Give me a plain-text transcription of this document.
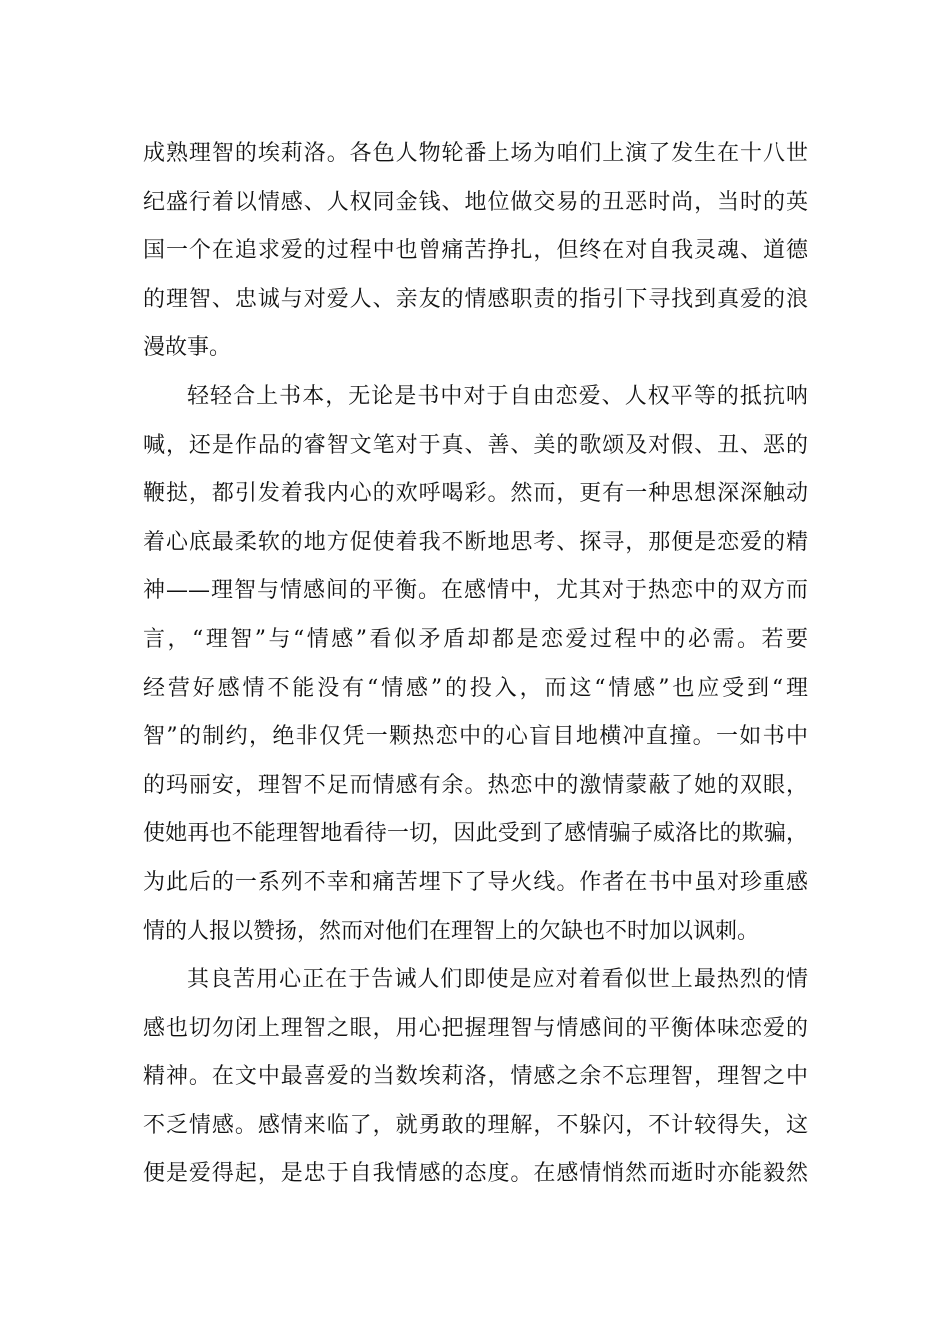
成熟理智的埃莉洛。各色人物轮番上场为咱们上演了发生在十八世
纪盛行着以情感、人权同金钱、地位做交易的丑恶时尚，当时的英
国一个在追求爱的过程中也曾痛苦挣扎，但终在对自我灵魂、道德
的理智、忠诚与对爱人、亲友的情感职责的指引下寻找到真爱的浪
漫故事。
轻轻合上书本，无论是书中对于自由恋爱、人权平等的抵抗呐
喊，还是作品的睿智文笔对于真、善、美的歌颂及对假、丑、恶的
鞭挞，都引发着我内心的欢呼喝彩。然而，更有一种思想深深触动
着心底最柔软的地方促使着我不断地思考、探寻，那便是恋爱的精
神——理智与情感间的平衡。在感情中，尤其对于热恋中的双方而
言，“理智”与“情感”看似矛盾却都是恋爱过程中的必需。若要
经营好感情不能没有“情感”的投入，而这“情感”也应受到“理
智”的制约，绝非仅凭一颗热恋中的心盲目地横冲直撞。一如书中
的玛丽安，理智不足而情感有余。热恋中的激情蒙蔽了她的双眼，
使她再也不能理智地看待一切，因此受到了感情骗子威洛比的欺骗，
为此后的一系列不幸和痛苦埋下了导火线。作者在书中虽对珍重感
情的人报以赞扬，然而对他们在理智上的欠缺也不时加以讽刺。
其良苦用心正在于告诫人们即使是应对着看似世上最热烈的情
感也切勿闭上理智之眼，用心把握理智与情感间的平衡体味恋爱的
精神。在文中最喜爱的当数埃莉洛，情感之余不忘理智，理智之中
不乏情感。感情来临了，就勇敢的理解，不躲闪，不计较得失，这
便是爱得起，是忠于自我情感的态度。在感情悄然而逝时亦能毅然
